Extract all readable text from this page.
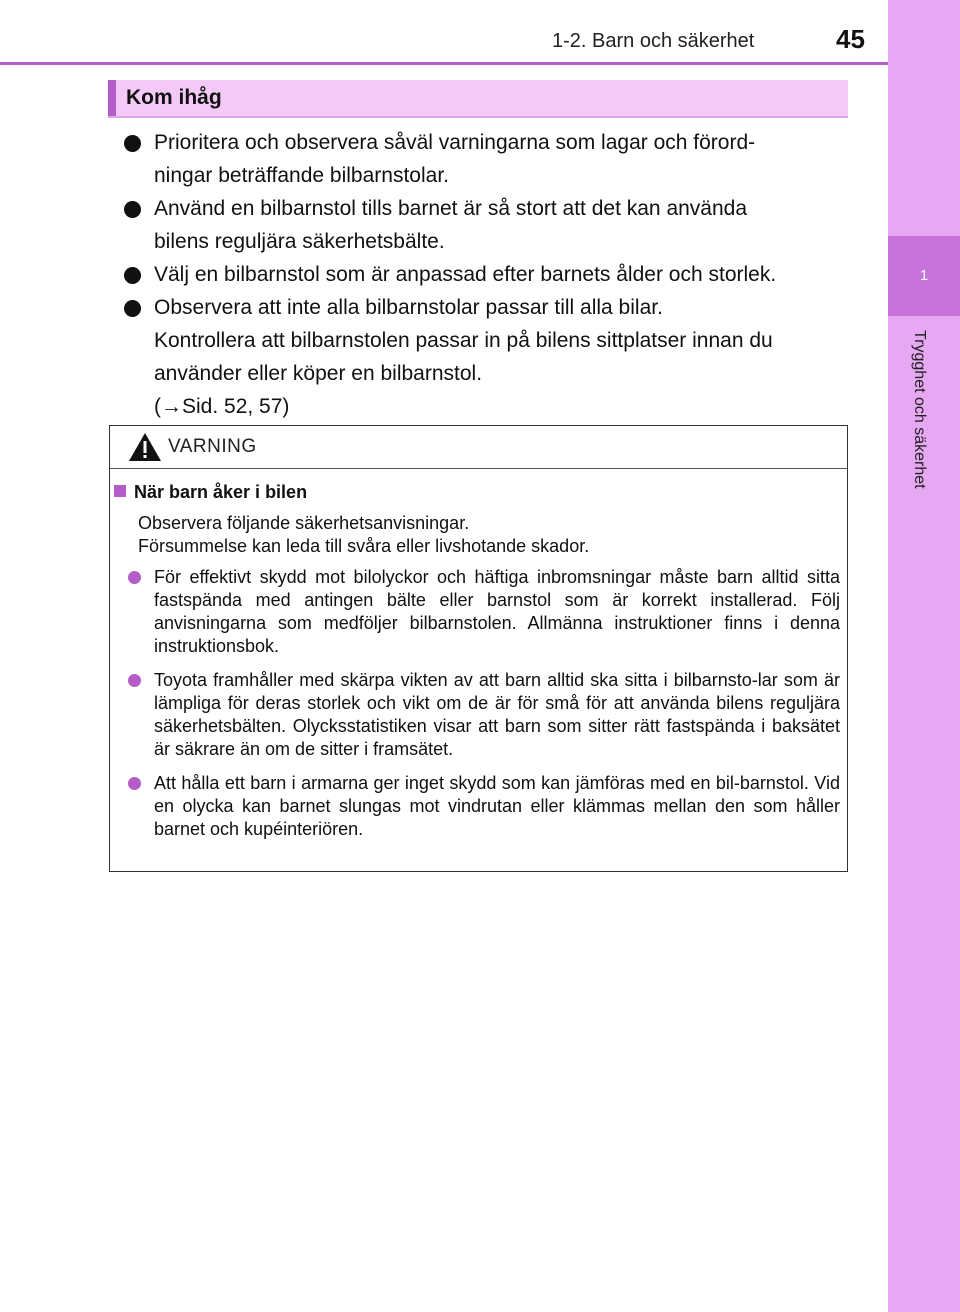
1-2. Barn och säkerhet	45
1
Trygghet och säkerhet
Kom ihåg
Prioritera och observera såväl varningarna som lagar och förord-
ningar beträffande bilbarnstolar.
Använd en bilbarnstol tills barnet är så stort att det kan använda
bilens reguljära säkerhetsbälte.
Välj en bilbarnstol som är anpassad efter barnets ålder och storlek.
Observera att inte alla bilbarnstolar passar till alla bilar.
Kontrollera att bilbarnstolen passar in på bilens sittplatser innan du
använder eller köper en bilbarnstol.
(→Sid. 52, 57)
VARNING
När barn åker i bilen
Observera följande säkerhetsanvisningar.
Försummelse kan leda till svåra eller livshotande skador.
För effektivt skydd mot bilolyckor och häftiga inbromsningar måste barn alltid sitta fastspända med antingen bälte eller barnstol som är korrekt installerad. Följ anvisningarna som medföljer bilbarnstolen. Allmänna instruktioner finns i denna instruktionsbok.
Toyota framhåller med skärpa vikten av att barn alltid ska sitta i bilbarnsto-lar som är lämpliga för deras storlek och vikt om de är för små för att använda bilens reguljära säkerhetsbälten. Olycksstatistiken visar att barn som sitter rätt fastspända i baksätet är säkrare än om de sitter i framsätet.
Att hålla ett barn i armarna ger inget skydd som kan jämföras med en bil-barnstol. Vid en olycka kan barnet slungas mot vindrutan eller klämmas mellan den som håller barnet och kupéinteriören.
